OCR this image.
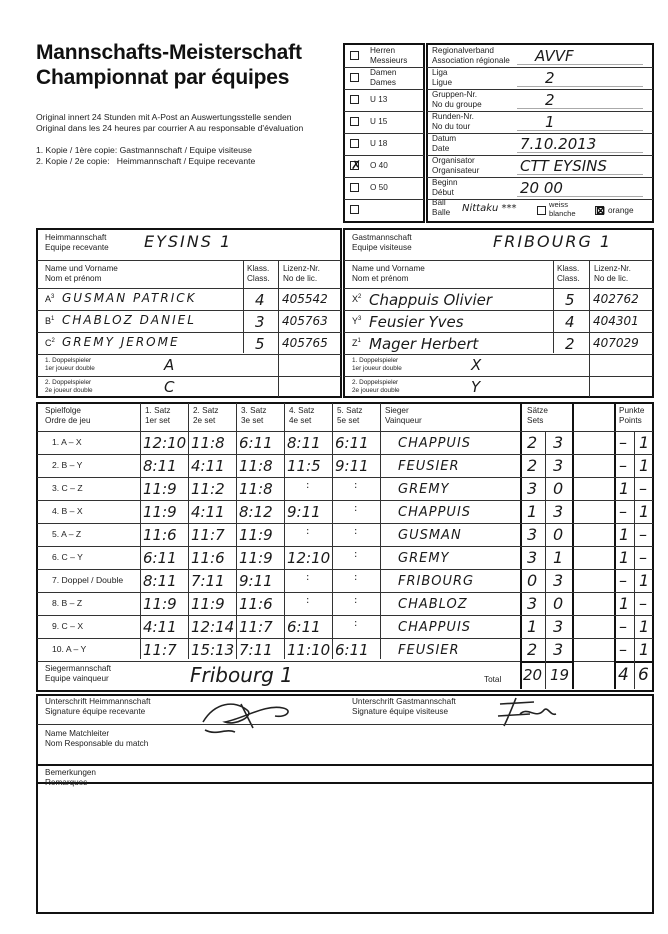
Mannschafts-Meisterschaft
Championnat par équipes
Original innert 24 Stunden mit A-Post an Auswertungsstelle senden
Original dans les 24 heures par courrier A au responsable d'évaluation
1. Kopie / 1ère copie: Gastmannschaft / Equipe visiteuse
2. Kopie / 2e copie:   Heimmannschaft / Equipe recevante
Herren
Messieurs
Damen
Dames
U 13
U 15
U 18
✗ O 40
O 50
Regionalverband
Association régionale AVVF
Liga
Ligue	2
Gruppen-Nr.
No du groupe	2
Runden-Nr.
No du tour	1
Datum
Date	7.10.2013
Organisator
Organisateur	CTT EYSINS
Beginn
Début	20 00
Ball
Balle Nittaku ***	weiss
blanche ⊠ orange
Heimmannschaft
Equipe recevante EYSINS 1
Name und Vorname
Nom et prénom
Klass.
Class.
Lizenz-Nr.
No de lic.
$A^3$ GUSMAN PATRICK	4 405542
$B^1$ CHABLOZ DANIEL	3 405763
$C^2$ GREMY JEROME	5 405765
1. Doppelspieler
1er joueur double	A
2. Doppelspieler
2e joueur double	C
Gastmannschaft
Equipe visiteuse	FRIBOURG 1
Name und Vorname
Nom et prénom
Klass.
Class.
Lizenz-Nr.
No de lic.
$X^2$ Chappuis Olivier	5 402762
$Y^3$ Feusier Yves	4 404301
$Z^1$ Mager Herbert	2 407029
1. Doppelspieler
1er joueur double	X
2. Doppelspieler
2e joueur double	Y
Spielfolge
Ordre de jeu
1. Satz
1er set
2. Satz
2e set
3. Satz
3e set
4. Satz
4e set
5. Satz
5e set
Sieger
Vainqueur
Sätze
Sets
Punkte
Points
1. A – X	12:10 11:8 6:11 8:11 6:11 CHAPPUIS	2 3	– 1
2. B – Y	8:11 4:11 11:8 11:5 9:11 FEUSIER	2 3	– 1
3. C – Z	11:9 11:2 11:8	:	:	GREMY	3 0	1 –
4. B – X	11:9 4:11 8:12 9:11	:	CHAPPUIS	1 3	– 1
5. A – Z	11:6 11:7 11:9	:	:	GUSMAN	3 0	1 –
6. C – Y	6:11 11:6 11:9 12:10 :	GREMY	3 1	1 –
7. Doppel / Double 8:11 7:11 9:11	:	:	FRIBOURG	0 3	– 1
8. B – Z	11:9 11:9 11:6	:	:	CHABLOZ	3 0	1 –
9. C – X	4:11 12:14 11:7 6:11	:	CHAPPUIS	1 3	– 1
10. A – Y	11:7 15:13 7:11 11:10 6:11 FEUSIER	2 3	– 1
Siegermannschaft
Equipe vainqueur	Fribourg 1	Total 20 19	4 6
Unterschrift Heimmannschaft
Signature équipe recevante
Unterschrift Gastmannschaft
Signature équipe visiteuse
Name Matchleiter
Nom Responsable du match
Bemerkungen
Remarques
